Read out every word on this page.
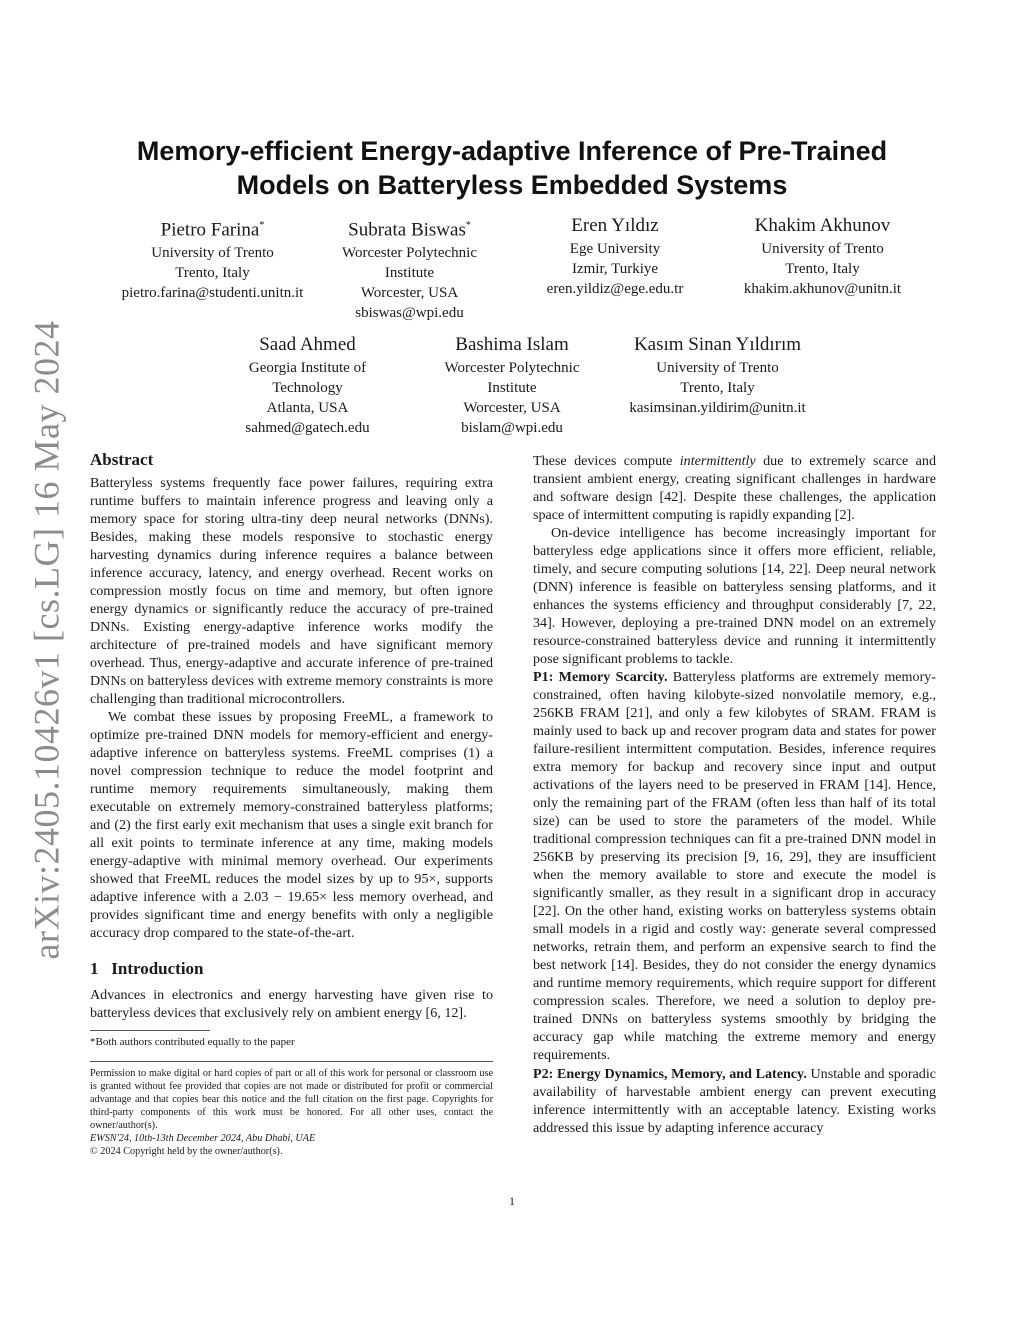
arXiv:2405.10426v1 [cs.LG] 16 May 2024
Memory-efficient Energy-adaptive Inference of Pre-Trained
Models on Batteryless Embedded Systems
Pietro Farina*
University of Trento
Trento, Italy
pietro.farina@studenti.unitn.it
Subrata Biswas*
Worcester Polytechnic
Institute
Worcester, USA
sbiswas@wpi.edu
Eren Yıldız
Ege University
Izmir, Turkiye
eren.yildiz@ege.edu.tr
Khakim Akhunov
University of Trento
Trento, Italy
khakim.akhunov@unitn.it
Saad Ahmed
Georgia Institute of
Technology
Atlanta, USA
sahmed@gatech.edu
Bashima Islam
Worcester Polytechnic
Institute
Worcester, USA
bislam@wpi.edu
Kasım Sinan Yıldırım
University of Trento
Trento, Italy
kasimsinan.yildirim@unitn.it
Abstract

Batteryless systems frequently face power failures, requiring extra runtime buffers to maintain inference progress and leaving only a memory space for storing ultra-tiny deep neural networks (DNNs). Besides, making these models responsive to stochastic energy harvesting dynamics during inference requires a balance between inference accuracy, latency, and energy overhead. Recent works on compression mostly focus on time and memory, but often ignore energy dynamics or significantly reduce the accuracy of pre-trained DNNs. Existing energy-adaptive inference works modify the architecture of pre-trained models and have significant memory overhead. Thus, energy-adaptive and accurate inference of pre-trained DNNs on batteryless devices with extreme memory constraints is more challenging than traditional microcontrollers.

We combat these issues by proposing FreeML, a framework to optimize pre-trained DNN models for memory-efficient and energy-adaptive inference on batteryless systems. FreeML comprises (1) a novel compression technique to reduce the model footprint and runtime memory requirements simultaneously, making them executable on extremely memory-constrained batteryless platforms; and (2) the first early exit mechanism that uses a single exit branch for all exit points to terminate inference at any time, making models energy-adaptive with minimal memory overhead. Our experiments showed that FreeML reduces the model sizes by up to 95×, supports adaptive inference with a 2.03 − 19.65× less memory overhead, and provides significant time and energy benefits with only a negligible accuracy drop compared to the state-of-the-art.

1 Introduction

Advances in electronics and energy harvesting have given rise to batteryless devices that exclusively rely on ambient energy [6, 12].

*Both authors contributed equally to the paper
Permission to make digital or hard copies of part or all of this work for personal or classroom use is granted without fee provided that copies are not made or distributed for profit or commercial advantage and that copies bear this notice and the full citation on the first page. Copyrights for third-party components of this work must be honored. For all other uses, contact the owner/author(s).
EWSN'24, 10th-13th December 2024, Abu Dhabi, UAE
© 2024 Copyright held by the owner/author(s).

These devices compute intermittently due to extremely scarce and transient ambient energy, creating significant challenges in hardware and software design [42]. Despite these challenges, the application space of intermittent computing is rapidly expanding [2].

On-device intelligence has become increasingly important for batteryless edge applications since it offers more efficient, reliable, timely, and secure computing solutions [14, 22]. Deep neural network (DNN) inference is feasible on batteryless sensing platforms, and it enhances the systems efficiency and throughput considerably [7, 22, 34]. However, deploying a pre-trained DNN model on an extremely resource-constrained batteryless device and running it intermittently pose significant problems to tackle.

P1: Memory Scarcity. Batteryless platforms are extremely memory-constrained, often having kilobyte-sized nonvolatile memory, e.g., 256KB FRAM [21], and only a few kilobytes of SRAM. FRAM is mainly used to back up and recover program data and states for power failure-resilient intermittent computation. Besides, inference requires extra memory for backup and recovery since input and output activations of the layers need to be preserved in FRAM [14]. Hence, only the remaining part of the FRAM (often less than half of its total size) can be used to store the parameters of the model. While traditional compression techniques can fit a pre-trained DNN model in 256KB by preserving its precision [9, 16, 29], they are insufficient when the memory available to store and execute the model is significantly smaller, as they result in a significant drop in accuracy [22]. On the other hand, existing works on batteryless systems obtain small models in a rigid and costly way: generate several compressed networks, retrain them, and perform an expensive search to find the best network [14]. Besides, they do not consider the energy dynamics and runtime memory requirements, which require support for different compression scales. Therefore, we need a solution to deploy pre-trained DNNs on batteryless systems smoothly by bridging the accuracy gap while matching the extreme memory and energy requirements.

P2: Energy Dynamics, Memory, and Latency. Unstable and sporadic availability of harvestable ambient energy can prevent executing inference intermittently with an acceptable latency. Existing works addressed this issue by adapting inference accuracy

1
